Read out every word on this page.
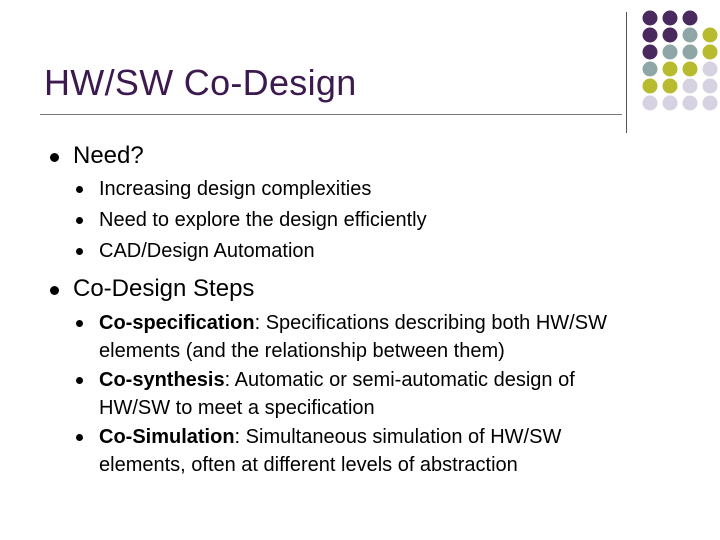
HW/SW Co-Design
Need?
Increasing design complexities
Need to explore the design efficiently
CAD/Design Automation
Co-Design Steps
Co-specification: Specifications describing both HW/SW elements (and the relationship between them)
Co-synthesis: Automatic or semi-automatic design of HW/SW to meet a specification
Co-Simulation: Simultaneous simulation of HW/SW elements, often at different levels of abstraction
